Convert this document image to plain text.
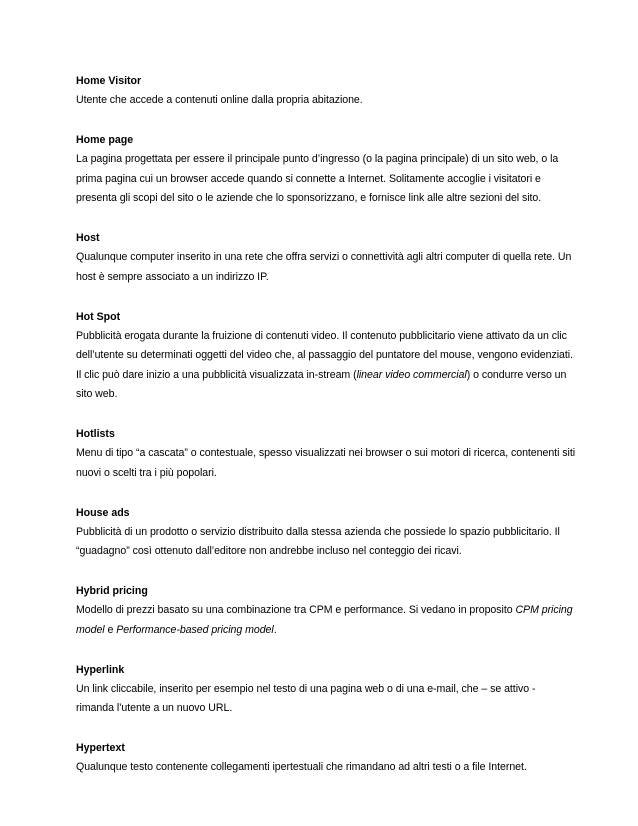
Home Visitor

Utente che accede a contenuti online dalla propria abitazione.

Home page

La pagina progettata per essere il principale punto d’ingresso (o la pagina principale) di un sito web, o la prima pagina cui un browser accede quando si connette a Internet. Solitamente accoglie i visitatori e presenta gli scopi del sito o le aziende che lo sponsorizzano, e fornisce link alle altre sezioni del sito.

Host

Qualunque computer inserito in una rete che offra servizi o connettività agli altri computer di quella rete. Un host è sempre associato a un indirizzo IP.

Hot Spot

Pubblicità erogata durante la fruizione di contenuti video. Il contenuto pubblicitario viene attivato da un clic dell’utente su determinati oggetti del video che, al passaggio del puntatore del mouse, vengono evidenziati. Il clic può dare inizio a una pubblicità visualizzata in-stream (linear video commercial) o condurre verso un sito web.

Hotlists

Menu di tipo “a cascata” o contestuale, spesso visualizzati nei browser o sui motori di ricerca, contenenti siti nuovi o scelti tra i più popolari.

House ads

Pubblicità di un prodotto o servizio distribuito dalla stessa azienda che possiede lo spazio pubblicitario. Il “guadagno” così ottenuto dall’editore non andrebbe incluso nel conteggio dei ricavi.

Hybrid pricing

Modello di prezzi basato su una combinazione tra CPM e performance. Si vedano in proposito CPM pricing model e Performance-based pricing model.

Hyperlink

Un link cliccabile, inserito per esempio nel testo di una pagina web o di una e-mail, che – se attivo - rimanda l’utente a un nuovo URL.

Hypertext

Qualunque testo contenente collegamenti ipertestuali che rimandano ad altri testi o a file Internet.
